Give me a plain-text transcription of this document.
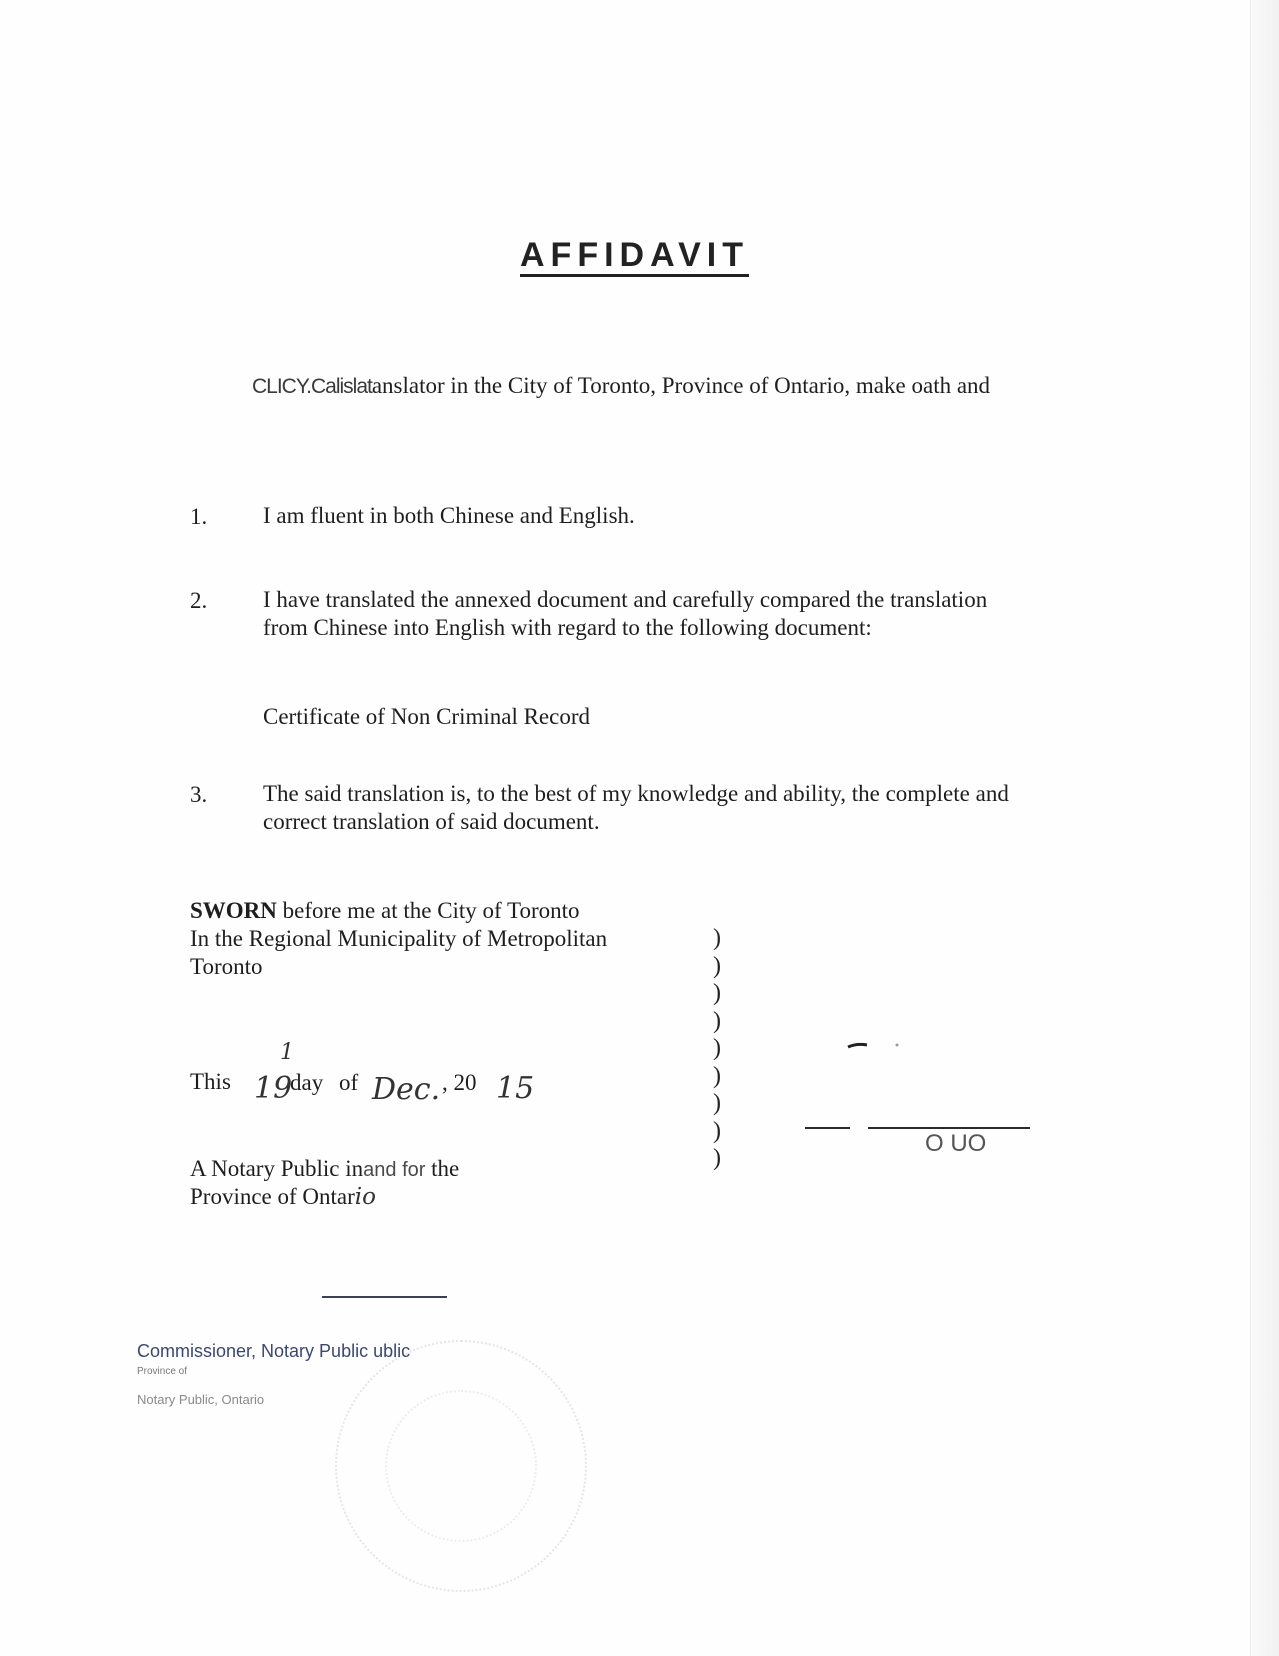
AFFIDAVIT
CLICY.Calislatanslator in the City of Toronto, Province of Ontario, make oath and
1. I am fluent in both Chinese and English.
2. I have translated the annexed document and carefully compared the translation
from Chinese into English with regard to the following document:
Certificate of Non Criminal Record
3. The said translation is, to the best of my knowledge and ability, the complete and
correct translation of said document.
SWORN before me at the City of Toronto
In the Regional Municipality of Metropolitan
Toronto
)
)
)
)
)
)
)
)
)
This 19
1
day of Dec. , 20 15
A Notary Public inand for the
Province of Ontario
O UO
Commissioner, Notary Public ublic
Province of
Notary Public, Ontario
